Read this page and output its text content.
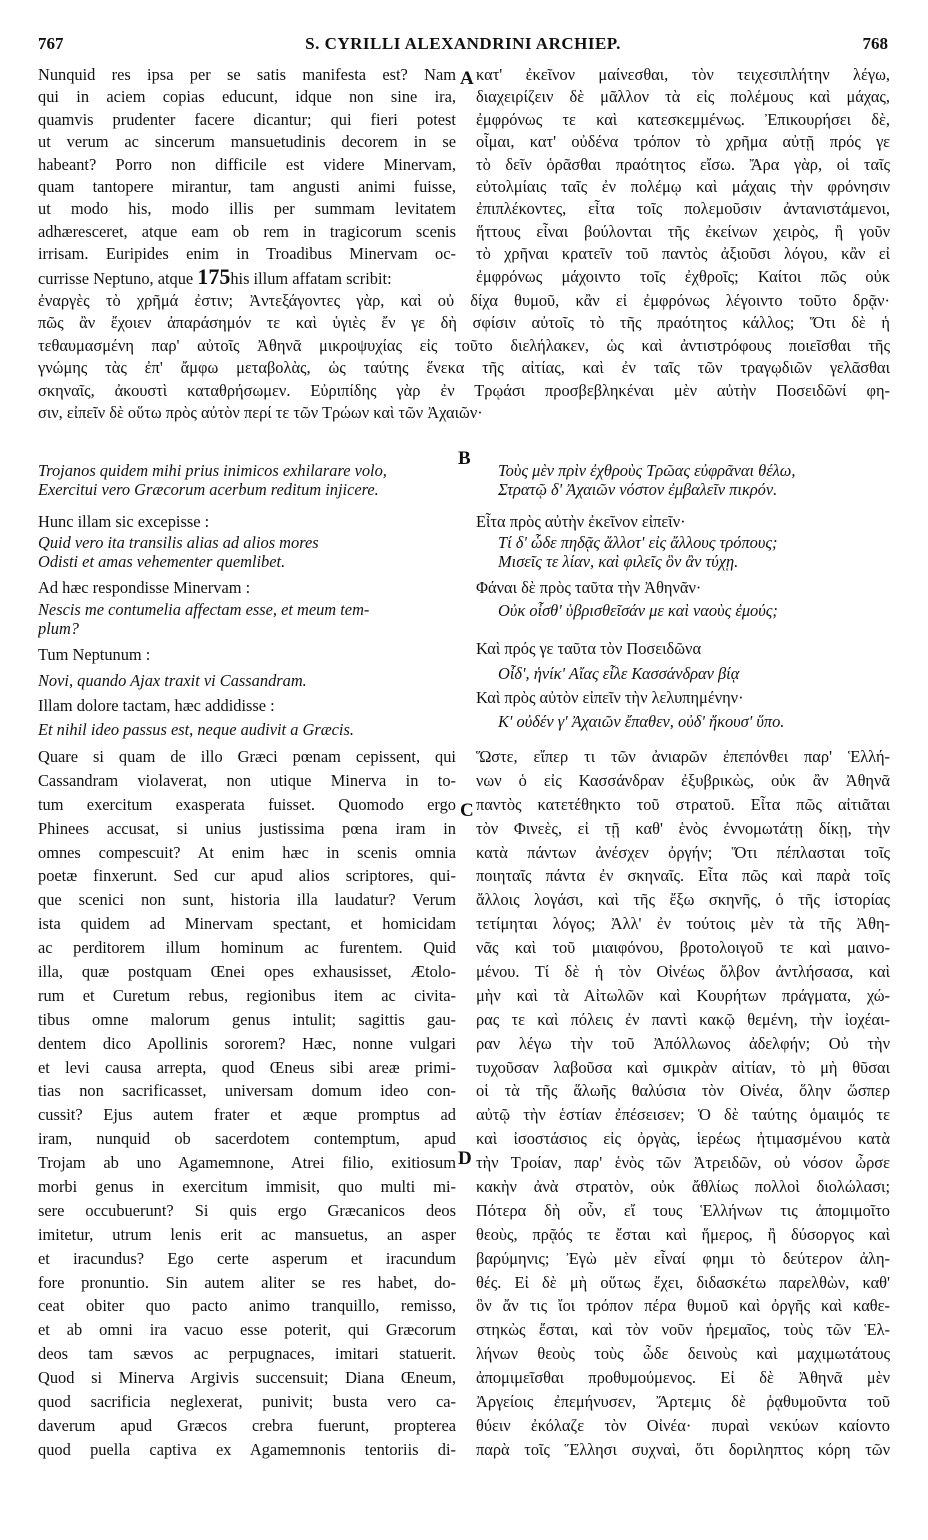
767	S. CYRILLI ALEXANDRINI ARCHIEP.	768
A
B
C
D
Nunquid res ipsa per se satis manifesta est? Nam
qui in aciem copias educunt, idque non sine ira,
quamvis prudenter facere dicantur; qui fieri potest
ut verum ac sincerum mansuetudinis decorem in se
habeant? Porro non difficile est videre Minervam,
quam tantopere mirantur, tam angusti animi fuisse,
ut modo his, modo illis per summam levitatem
adhæresceret, atque eam ob rem in tragicorum scenis
irrisam. Euripides enim in Troadibus Minervam oc-
currisse Neptuno, atque 175his illum affatam scribit:
κατ' ἐκεῖνον μαίνεσθαι, τὸν τειχεσιπλήτην λέγω,
διαχειρίζειν δὲ μᾶλλον τὰ εἰς πολέμους καὶ μάχας,
ἐμφρόνως τε καὶ κατεσκεμμένως. Ἐπικουρήσει δὲ,
οἶμαι, κατ' οὐδένα τρόπον τὸ χρῆμα αὐτῇ πρός γε
τὸ δεῖν ὁρᾶσθαι πραότητος εἴσω. Ἄρα γὰρ, οἱ ταῖς
εὐτολμίαις ταῖς ἐν πολέμῳ καὶ μάχαις τὴν φρόνησιν
ἐπιπλέκοντες, εἶτα τοῖς πολεμοῦσιν ἀντανιστάμενοι,
ἥττους εἶναι βούλονται τῆς ἐκείνων χειρὸς, ἢ γοῦν
τὸ χρῆναι κρατεῖν τοῦ παντὸς ἀξιοῦσι λόγου, κἂν εἰ
ἐμφρόνως μάχοιντο τοῖς ἐχθροῖς; Καίτοι πῶς οὐκ
ἐναργὲς τὸ χρῆμά ἐστιν; Ἀντεξάγοντες γὰρ, καὶ οὐ δίχα θυμοῦ, κἂν εἰ ἐμφρόνως λέγοιντο τοῦτο δρᾷν·
πῶς ἂν ἔχοιεν ἀπαράσημόν τε καὶ ὑγιὲς ἔν γε δὴ σφίσιν αὐτοῖς τὸ τῆς πραότητος κάλλος; Ὅτι δὲ ἡ
τεθαυμασμένη παρ' αὐτοῖς Ἀθηνᾶ μικροψυχίας εἰς τοῦτο διελήλακεν, ὡς καὶ ἀντιστρόφους ποιεῖσθαι τῆς
γνώμης τὰς ἐπ' ἄμφω μεταβολὰς, ὡς ταύτης ἕνεκα τῆς αἰτίας, καὶ ἐν ταῖς τῶν τραγῳδιῶν γελᾶσθαι
σκηναῖς, ἀκουστὶ καταθρήσωμεν. Εὐριπίδης γὰρ ἐν Τρῳάσι προσβεβληκέναι μὲν αὐτὴν Ποσειδῶνί φη-
σιν, εἰπεῖν δὲ οὕτω πρὸς αὐτὸν περί τε τῶν Τρώων καὶ τῶν Ἀχαιῶν·
Trojanos quidem mihi prius inimicos exhilarare volo,
Exercitui vero Græcorum acerbum reditum injicere.
Hunc illam sic excepisse :
Quid vero ita transilis alias ad alios mores
Odisti et amas vehementer quemlibet.
Ad hæc respondisse Minervam :
Nescis me contumelia affectam esse, et meum tem-
plum?
Tum Neptunum :
Novi, quando Ajax traxit vi Cassandram.
Illam dolore tactam, hæc addidisse :
Et nihil ideo passus est, neque audivit a Græcis.
Τοὺς μὲν πρὶν ἐχθροὺς Τρῶας εὐφρᾶναι θέλω,
Στρατῷ δ' Ἀχαιῶν νόστον ἐμβαλεῖν πικρόν.
Εἶτα πρὸς αὐτὴν ἐκεῖνον εἰπεῖν·
Τί δ' ὧδε πηδᾷς ἄλλοτ' εἰς ἄλλους τρόπους;
Μισεῖς τε λίαν, καὶ φιλεῖς ὃν ἂν τύχῃ.
Φάναι δὲ πρὸς ταῦτα τὴν Ἀθηνᾶν·
Οὐκ οἶσθ' ὑβρισθεῖσάν με καὶ ναοὺς ἐμούς;
Καὶ πρός γε ταῦτα τὸν Ποσειδῶνα
Οἶδ', ἡνίκ' Αἴας εἷλε Κασσάνδραν βίᾳ
Καὶ πρὸς αὐτὸν εἰπεῖν τὴν λελυπημένην·
Κ' οὐδέν γ' Ἀχαιῶν ἔπαθεν, οὐδ' ἤκουσ' ὕπο.
Quare si quam de illo Græci pœnam cepissent, qui
Cassandram violaverat, non utique Minerva in to-
tum exercitum exasperata fuisset. Quomodo ergo
Phinees accusat, si unius justissima pœna iram in
omnes compescuit? At enim hæc in scenis omnia
poetæ finxerunt. Sed cur apud alios scriptores, qui-
que scenici non sunt, historia illa laudatur? Verum
ista quidem ad Minervam spectant, et homicidam
ac perditorem illum hominum ac furentem. Quid
illa, quæ postquam Œnei opes exhausisset, Ætolo-
rum et Curetum rebus, regionibus item ac civita-
tibus omne malorum genus intulit; sagittis gau-
dentem dico Apollinis sororem? Hæc, nonne vulgari
et levi causa arrepta, quod Œneus sibi areæ primi-
tias non sacrificasset, universam domum ideo con-
cussit? Ejus autem frater et æque promptus ad
iram, nunquid ob sacerdotem contemptum, apud
Trojam ab uno Agamemnone, Atrei filio, exitiosum
morbi genus in exercitum immisit, quo multi mi-
sere occubuerunt? Si quis ergo Græcanicos deos
imitetur, utrum lenis erit ac mansuetus, an asper
et iracundus? Ego certe asperum et iracundum
fore pronuntio. Sin autem aliter se res habet, do-
ceat obiter quo pacto animo tranquillo, remisso,
et ab omni ira vacuo esse poterit, qui Græcorum
deos tam sævos ac perpugnaces, imitari statuerit.
Quod si Minerva Argivis succensuit; Diana Œneum,
quod sacrificia neglexerat, punivit; busta vero ca-
daverum apud Græcos crebra fuerunt, propterea
quod puella captiva ex Agamemnonis tentoriis di-
Ὥστε, εἴπερ τι τῶν ἀνιαρῶν ἐπεπόνθει παρ' Ἑλλή-
νων ὁ εἰς Κασσάνδραν ἐξυβρικὼς, οὐκ ἂν Ἀθηνᾶ
παντὸς κατετέθηκτο τοῦ στρατοῦ. Εἶτα πῶς αἰτιᾶται
τὸν Φινεὲς, εἰ τῇ καθ' ἑνὸς ἐννομωτάτῃ δίκῃ, τὴν
κατὰ πάντων ἀνέσχεν ὀργήν; Ὅτι πέπλασται τοῖς
ποιηταῖς πάντα ἐν σκηναῖς. Εἶτα πῶς καὶ παρὰ τοῖς
ἄλλοις λογάσι, καὶ τῆς ἔξω σκηνῆς, ὁ τῆς ἱστορίας
τετίμηται λόγος; Ἀλλ' ἐν τούτοις μὲν τὰ τῆς Ἀθη-
νᾶς καὶ τοῦ μιαιφόνου, βροτολοιγοῦ τε καὶ μαινο-
μένου. Τί δὲ ἡ τὸν Οἰνέως ὄλβον ἀντλήσασα, καὶ
μὴν καὶ τὰ Αἰτωλῶν καὶ Κουρήτων πράγματα, χώ-
ρας τε καὶ πόλεις ἐν παντὶ κακῷ θεμένη, τὴν ἰοχέαι-
ραν λέγω τὴν τοῦ Ἀπόλλωνος ἀδελφήν; Οὐ τὴν
τυχοῦσαν λαβοῦσα καὶ σμικρὰν αἰτίαν, τὸ μὴ θῦσαι
οἱ τὰ τῆς ἅλωῆς θαλύσια τὸν Οἰνέα, ὅλην ὥσπερ
αὐτῷ τὴν ἑστίαν ἐπέσεισεν; Ὁ δὲ ταύτης ὁμαιμός τε
καὶ ἰσοστάσιος εἰς ὀργὰς, ἱερέως ἠτιμασμένου κατὰ
τὴν Τροίαν, παρ' ἑνὸς τῶν Ἀτρειδῶν, οὐ νόσον ὦρσε
κακὴν ἀνὰ στρατὸν, οὐκ ἄθλίως πολλοὶ διολώλασι;
Πότερα δὴ οὖν, εἴ τους Ἑλλήνων τις ἀπομιμοῖτο
θεοὺς, πρᾷός τε ἔσται καὶ ἥμερος, ἢ δύσοργος καὶ
βαρύμηνις; Ἐγὼ μὲν εἶναί φημι τὸ δεύτερον ἀλη-
θές. Εἰ δὲ μὴ οὕτως ἔχει, διδασκέτω παρελθὼν, καθ'
ὃν ἄν τις ἴοι τρόπον πέρα θυμοῦ καὶ ὀργῆς καὶ καθε-
στηκὼς ἔσται, καὶ τὸν νοῦν ἠρεμαῖος, τοὺς τῶν Ἑλ-
λήνων θεοὺς τοὺς ὧδε δεινοὺς καὶ μαχιμωτάτους
ἀπομιμεῖσθαι προθυμούμενος. Εἰ δὲ Ἀθηνᾶ μὲν
Ἀργείοις ἐπεμήνυσεν, Ἄρτεμις δὲ ῥᾳθυμοῦντα τοῦ
θύειν ἐκόλαζε τὸν Οἰνέα· πυραὶ νεκύων καίοντο
παρὰ τοῖς Ἕλλησι συχναὶ, ὅτι δοριληπτος κόρη τῶν
